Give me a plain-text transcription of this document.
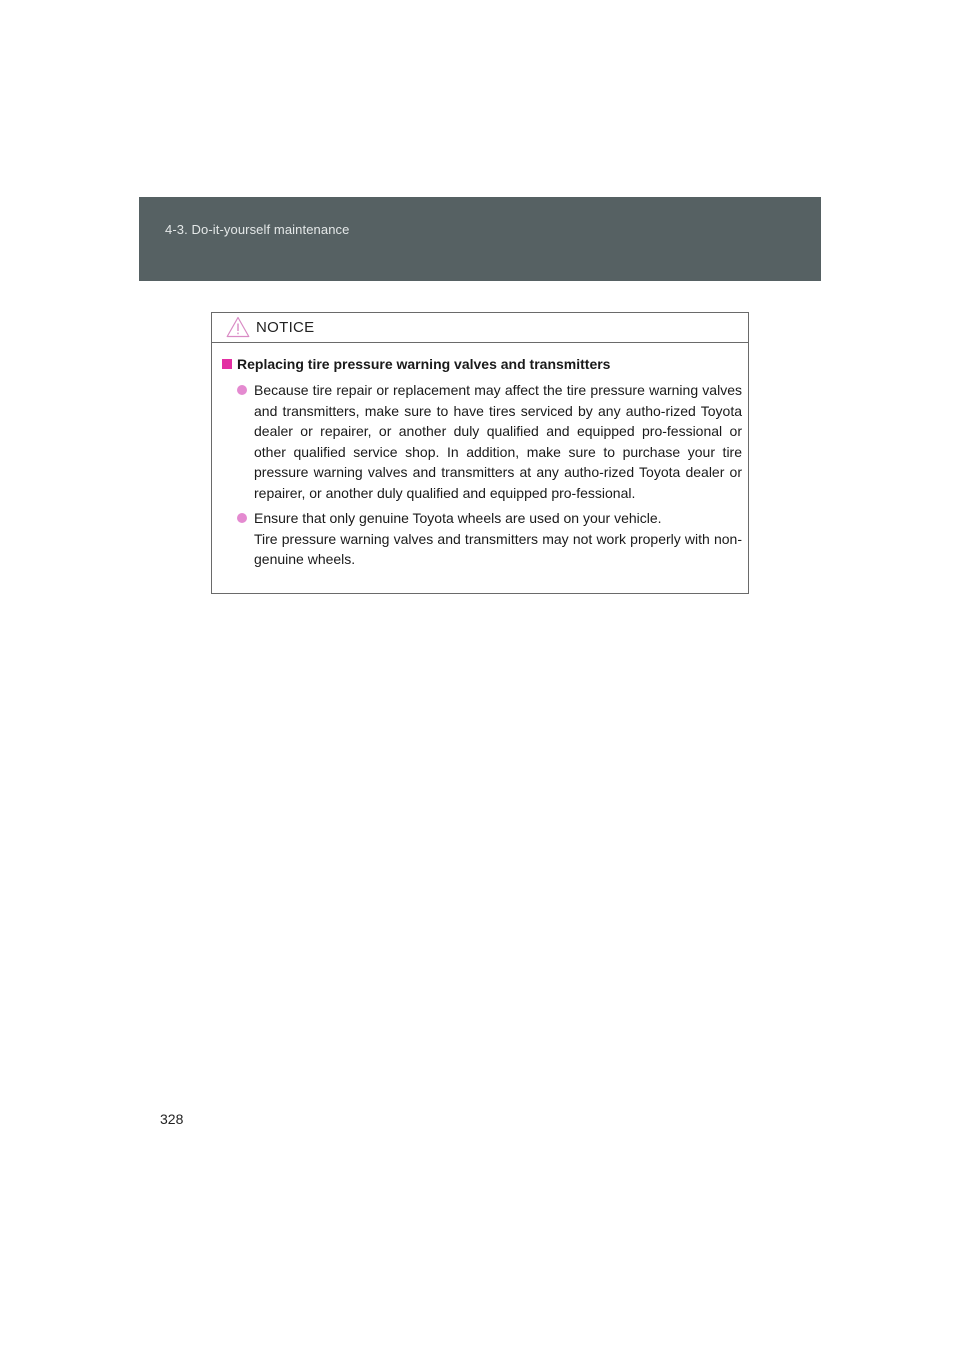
4-3. Do-it-yourself maintenance
NOTICE
Replacing tire pressure warning valves and transmitters

Because tire repair or replacement may affect the tire pressure warning valves and transmitters, make sure to have tires serviced by any autho-rized Toyota dealer or repairer, or another duly qualified and equipped pro-fessional or other qualified service shop. In addition, make sure to purchase your tire pressure warning valves and transmitters at any autho-rized Toyota dealer or repairer, or another duly qualified and equipped pro-fessional.

Ensure that only genuine Toyota wheels are used on your vehicle.

Tire pressure warning valves and transmitters may not work properly with non-genuine wheels.

328
